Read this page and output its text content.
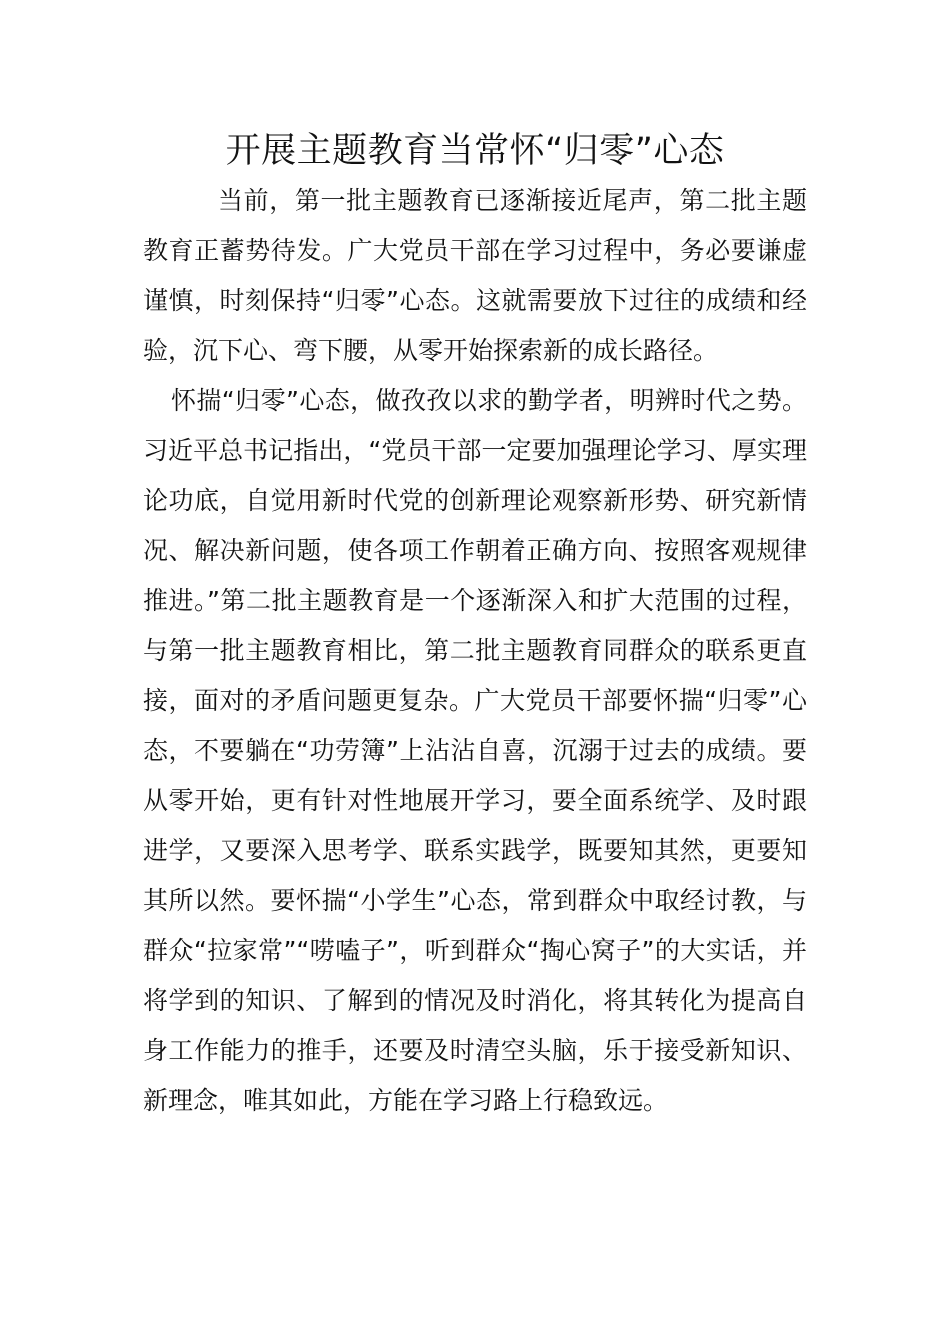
开展主题教育当常怀“归零”心态

当前，第一批主题教育已逐渐接近尾声，第二批主题教育正蓄势待发。广大党员干部在学习过程中，务必要谦虚谨慎，时刻保持“归零”心态。这就需要放下过往的成绩和经验，沉下心、弯下腰，从零开始探索新的成长路径。

怀揣“归零”心态，做孜孜以求的勤学者，明辨时代之势。习近平总书记指出，“党员干部一定要加强理论学习、厚实理论功底，自觉用新时代党的创新理论观察新形势、研究新情况、解决新问题，使各项工作朝着正确方向、按照客观规律推进。”第二批主题教育是一个逐渐深入和扩大范围的过程，与第一批主题教育相比，第二批主题教育同群众的联系更直接，面对的矛盾问题更复杂。广大党员干部要怀揣“归零”心态，不要躺在“功劳簿”上沾沾自喜，沉溺于过去的成绩。要从零开始，更有针对性地展开学习，要全面系统学、及时跟进学，又要深入思考学、联系实践学，既要知其然，更要知其所以然。要怀揣“小学生”心态，常到群众中取经讨教，与群众“拉家常”“唠嗑子”，听到群众“掏心窝子”的大实话，并将学到的知识、了解到的情况及时消化，将其转化为提高自身工作能力的推手，还要及时清空头脑，乐于接受新知识、新理念，唯其如此，方能在学习路上行稳致远。
